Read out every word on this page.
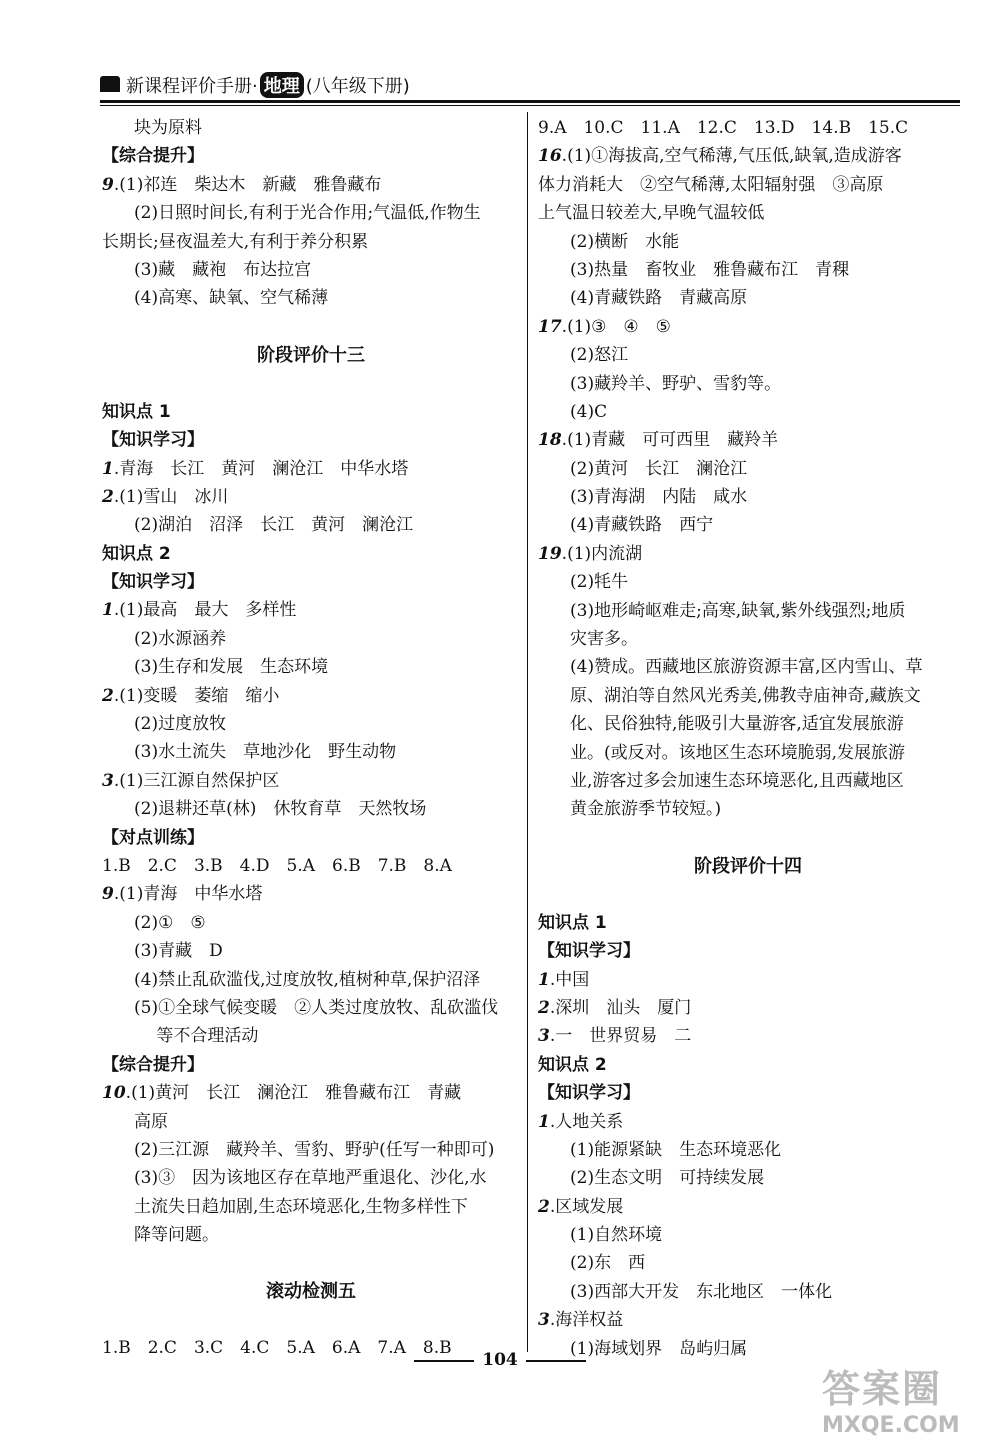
新课程评价手册· 地理 (八年级下册)
块为原料
【综合提升】
9.(1)祁连　柴达木　新藏　雅鲁藏布
(2)日照时间长,有利于光合作用;气温低,作物生
长期长;昼夜温差大,有利于养分积累
(3)藏　藏袍　布达拉宫
(4)高寒、缺氧、空气稀薄
阶段评价十三
知识点 1
【知识学习】
1.青海　长江　黄河　澜沧江　中华水塔
2.(1)雪山　冰川
(2)湖泊　沼泽　长江　黄河　澜沧江
知识点 2
【知识学习】
1.(1)最高　最大　多样性
(2)水源涵养
(3)生存和发展　生态环境
2.(1)变暖　萎缩　缩小
(2)过度放牧
(3)水土流失　草地沙化　野生动物
3.(1)三江源自然保护区
(2)退耕还草(林)　休牧育草　天然牧场
【对点训练】
1.B　2.C　3.B　4.D　5.A　6.B　7.B　8.A
9.(1)青海　中华水塔
(2)①　⑤
(3)青藏　D
(4)禁止乱砍滥伐,过度放牧,植树种草,保护沼泽
(5)①全球气候变暖　②人类过度放牧、乱砍滥伐
　 等不合理活动
【综合提升】
10.(1)黄河　长江　澜沧江　雅鲁藏布江　青藏
高原
(2)三江源　藏羚羊、雪豹、野驴(任写一种即可)
(3)③　因为该地区存在草地严重退化、沙化,水
土流失日趋加剧,生态环境恶化,生物多样性下
降等问题。
滚动检测五
1.B　2.C　3.C　4.C　5.A　6.A　7.A　8.B
9.A　10.C　11.A　12.C　13.D　14.B　15.C
16.(1)①海拔高,空气稀薄,气压低,缺氧,造成游客
体力消耗大　②空气稀薄,太阳辐射强　③高原
上气温日较差大,早晚气温较低
(2)横断　水能
(3)热量　畜牧业　雅鲁藏布江　青稞
(4)青藏铁路　青藏高原
17.(1)③　④　⑤
(2)怒江
(3)藏羚羊、野驴、雪豹等。
(4)C
18.(1)青藏　可可西里　藏羚羊
(2)黄河　长江　澜沧江
(3)青海湖　内陆　咸水
(4)青藏铁路　西宁
19.(1)内流湖
(2)牦牛
(3)地形崎岖难走;高寒,缺氧,紫外线强烈;地质
灾害多。
(4)赞成。西藏地区旅游资源丰富,区内雪山、草
原、湖泊等自然风光秀美,佛教寺庙神奇,藏族文
化、民俗独特,能吸引大量游客,适宜发展旅游
业。(或反对。该地区生态环境脆弱,发展旅游
业,游客过多会加速生态环境恶化,且西藏地区
黄金旅游季节较短。)
阶段评价十四
知识点 1
【知识学习】
1.中国
2.深圳　汕头　厦门
3.一　世界贸易　二
知识点 2
【知识学习】
1.人地关系
(1)能源紧缺　生态环境恶化
(2)生态文明　可持续发展
2.区域发展
(1)自然环境
(2)东　西
(3)西部大开发　东北地区　一体化
3.海洋权益
(1)海域划界　岛屿归属
104
答案圈
MXQE.COM
